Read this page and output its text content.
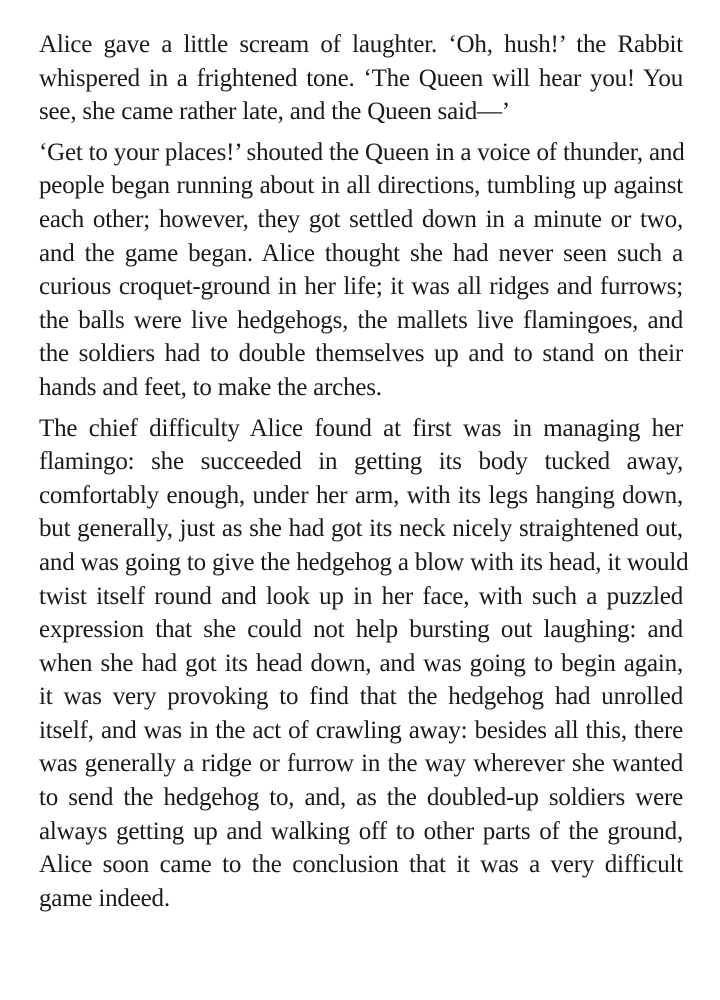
Alice gave a little scream of laughter. ‘Oh, hush!’ the Rabbit
whispered in a frightened tone. ‘The Queen will hear you! You
see, she came rather late, and the Queen said—’
‘Get to your places!’ shouted the Queen in a voice of thunder, and
people began running about in all directions, tumbling up against
each other; however, they got settled down in a minute or two,
and the game began. Alice thought she had never seen such a
curious croquet-ground in her life; it was all ridges and furrows;
the balls were live hedgehogs, the mallets live flamingoes, and
the soldiers had to double themselves up and to stand on their
hands and feet, to make the arches.
The chief difficulty Alice found at first was in managing her
flamingo: she succeeded in getting its body tucked away,
comfortably enough, under her arm, with its legs hanging down,
but generally, just as she had got its neck nicely straightened out,
and was going to give the hedgehog a blow with its head, it would
twist itself round and look up in her face, with such a puzzled
expression that she could not help bursting out laughing: and
when she had got its head down, and was going to begin again,
it was very provoking to find that the hedgehog had unrolled
itself, and was in the act of crawling away: besides all this, there
was generally a ridge or furrow in the way wherever she wanted
to send the hedgehog to, and, as the doubled-up soldiers were
always getting up and walking off to other parts of the ground,
Alice soon came to the conclusion that it was a very difficult
game indeed.
